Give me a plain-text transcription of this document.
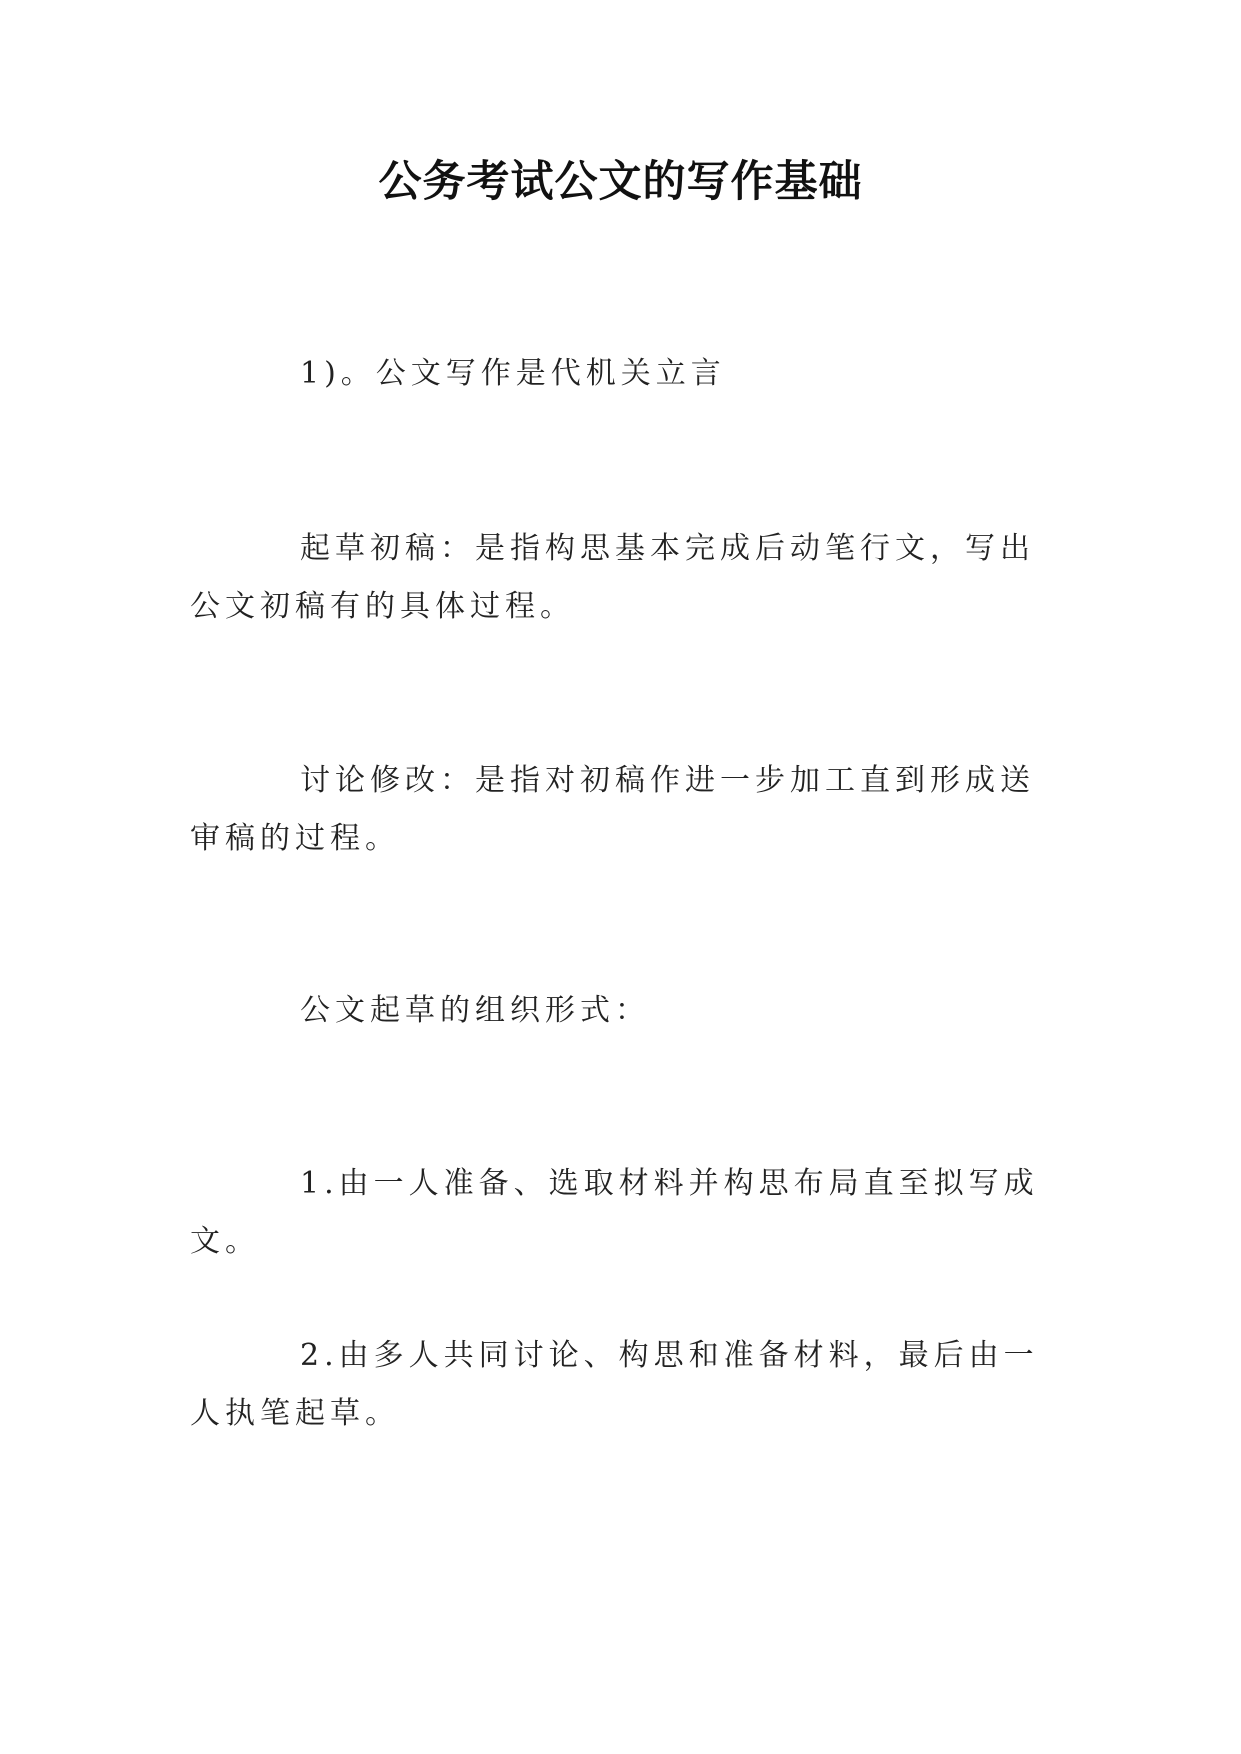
公务考试公文的写作基础
1)。公文写作是代机关立言
起草初稿：是指构思基本完成后动笔行文，写出公文初稿有的具体过程。
讨论修改：是指对初稿作进一步加工直到形成送审稿的过程。
公文起草的组织形式：
1.由一人准备、选取材料并构思布局直至拟写成文。
2.由多人共同讨论、构思和准备材料，最后由一人执笔起草。
